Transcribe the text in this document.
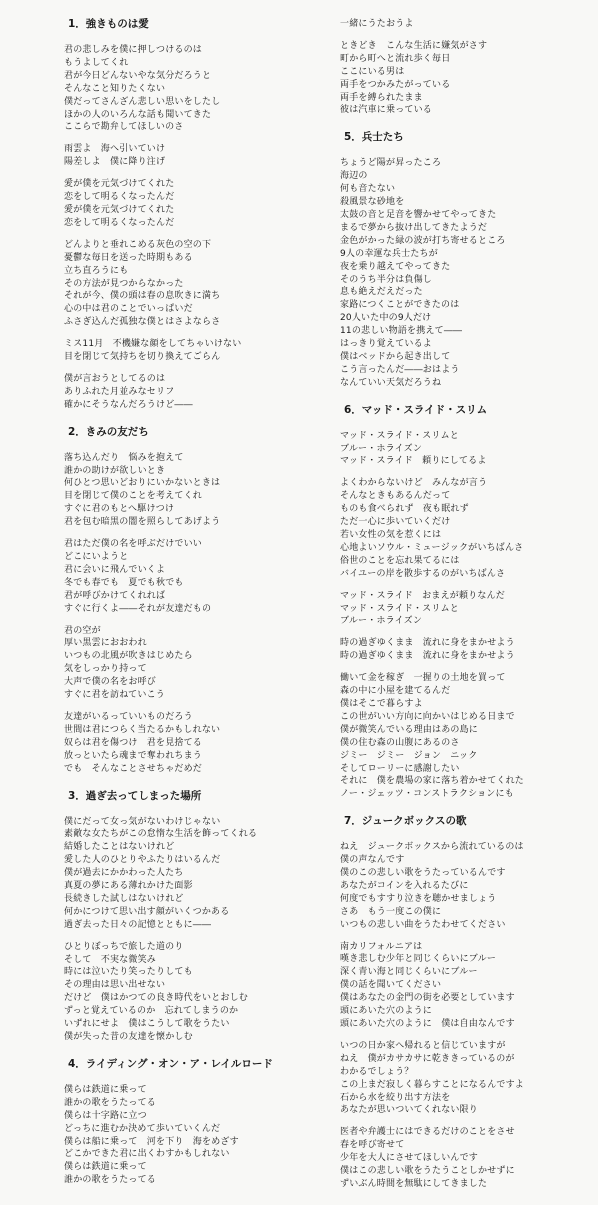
1．強きものは愛
君の悲しみを僕に押しつけるのは
もうよしてくれ
君が今日どんないやな気分だろうと
そんなこと知りたくない
僕だってさんざん悲しい思いをしたし
ほかの人のいろんな話も聞いてきた
ここらで勘弁してほしいのさ
雨雲よ　海へ引いていけ
陽差しよ　僕に降り注げ
愛が僕を元気づけてくれた
恋をして明るくなったんだ
愛が僕を元気づけてくれた
恋をして明るくなったんだ
どんよりと垂れこめる灰色の空の下
憂鬱な毎日を送った時期もある
立ち直ろうにも
その方法が見つからなかった
それが今、僕の頭は春の息吹きに満ち
心の中は君のことでいっぱいだ
ふさぎ込んだ孤独な僕とはさよならさ
ミス11月　不機嫌な顔をしてちゃいけない
目を閉じて気持ちを切り換えてごらん
僕が言おうとしてるのは
ありふれた月並みなセリフ
確かにそうなんだろうけど――
2．きみの友だち
落ち込んだり　悩みを抱えて
誰かの助けが欲しいとき
何ひとつ思いどおりにいかないときは
目を閉じて僕のことを考えてくれ
すぐに君のもとへ駆けつけ
君を包む暗黒の闇を照らしてあげよう
君はただ僕の名を呼ぶだけでいい
どこにいようと
君に会いに飛んでいくよ
冬でも春でも　夏でも秋でも
君が呼びかけてくれれば
すぐに行くよ――それが友達だもの
君の空が
厚い黒雲におおわれ
いつもの北風が吹きはじめたら
気をしっかり持って
大声で僕の名をお呼び
すぐに君を訪ねていこう
友達がいるっていいものだろう
世間は君につらく当たるかもしれない
奴らは君を傷つけ　君を見捨てる
放っといたら魂まで奪われちまう
でも　そんなことさせちゃだめだ
3．過ぎ去ってしまった場所
僕にだって女っ気がないわけじゃない
素敵な女たちがこの怠惰な生活を飾ってくれる
結婚したことはないけれど
愛した人のひとりやふたりはいるんだ
僕が過去にかかわった人たち
真夏の夢にある薄れかけた面影
長続きした試しはないけれど
何かにつけて思い出す顔がいくつかある
過ぎ去った日々の記憶とともに――
ひとりぼっちで旅した道のり
そして　不実な微笑み
時には泣いたり笑ったりしても
その理由は思い出せない
だけど　僕はかつての良き時代をいとおしむ
ずっと覚えているのか　忘れてしまうのか
いずれにせよ　僕はこうして歌をうたい
僕が失った昔の友達を懐かしむ
4．ライディング・オン・ア・レイルロード
僕らは鉄道に乗って
誰かの歌をうたってる
僕らは十字路に立つ
どっちに進むか決めて歩いていくんだ
僕らは船に乗って　河を下り　海をめざす
どこかできた君に出くわすかもしれない
僕らは鉄道に乗って
誰かの歌をうたってる
一緒にうたおうよ
ときどき　こんな生活に嫌気がさす
町から町へと流れ歩く毎日
ここにいる男は
両手をつかみたがっている
両手を縛られたまま
彼は汽車に乗っている
5．兵士たち
ちょうど陽が昇ったころ
海辺の
何も音たない
殺風景な砂地を
太鼓の音と足音を響かせてやってきた
まるで夢から抜け出してきたようだ
金色がかった緑の波が打ち寄せるところ
9人の幸運な兵士たちが
夜を乗り越えてやってきた
そのうち半分は負傷し
息も絶えだえだった
家路につくことができたのは
20人いた中の9人だけ
11の悲しい物語を携えて――
はっきり覚えているよ
僕はベッドから起き出して
こう言ったんだ――おはよう
なんていい天気だろうね
6．マッド・スライド・スリム
マッド・スライド・スリムと
ブルー・ホライズン
マッド・スライド　頼りにしてるよ
よくわからないけど　みんなが言う
そんなときもあるんだって
ものも食べられず　夜も眠れず
ただ一心に歩いていくだけ
若い女性の気を惹くには
心地よいソウル・ミュージックがいちばんさ
俗世のことを忘れ果てるには
バイユーの岸を散歩するのがいちばんさ
マッド・スライド　おまえが頼りなんだ
マッド・スライド・スリムと
ブルー・ホライズン
時の過ぎゆくまま　流れに身をまかせよう
時の過ぎゆくまま　流れに身をまかせよう
働いて金を稼ぎ　一握りの土地を買って
森の中に小屋を建てるんだ
僕はそこで暮らすよ
この世がいい方向に向かいはじめる日まで
僕が微笑んでいる理由はあの島に
僕の住む森の山腹にあるのさ
ジミー　ジミー　ジョン　ニック
そしてローリーに感謝したい
それに　僕を農場の家に落ち着かせてくれた
ノー・ジェッツ・コンストラクションにも
7．ジュークボックスの歌
ねえ　ジュークボックスから流れているのは
僕の声なんです
僕のこの悲しい歌をうたっているんです
あなたがコインを入れるたびに
何度でもすすり泣きを聴かせましょう
さあ　もう一度この僕に
いつもの悲しい曲をうたわせてください
南カリフォルニアは
嘆き悲しむ少年と同じくらいにブルー
深く青い海と同じくらいにブルー
僕の話を聞いてください
僕はあなたの金門の街を必要としています
頭にあいた穴のように
頭にあいた穴のように　僕は自由なんです
いつの日か家へ帰れると信じていますが
ねえ　僕がカサカサに乾ききっているのが
わかるでしょう？
この上まだ寂しく暮らすことになるんですよ
石から水を絞り出す方法を
あなたが思いついてくれない限り
医者や弁護士にはできるだけのことをさせ
春を呼び寄せて
少年を大人にさせてほしいんです
僕はこの悲しい歌をうたうことしかせずに
ずいぶん時間を無駄にしてきました
